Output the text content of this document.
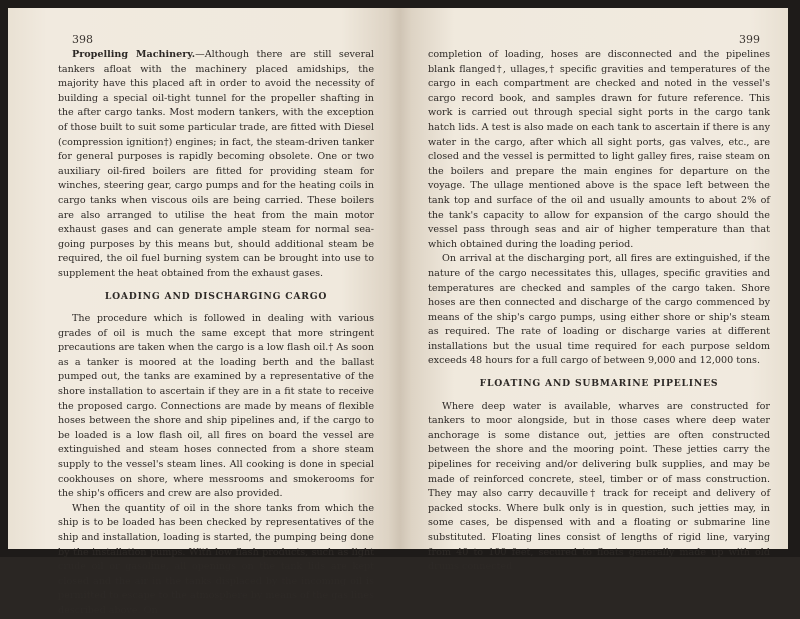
398

Propelling Machinery.—Although there are still several tankers afloat with the machinery placed amidships, the majority have this placed aft in order to avoid the necessity of building a special oil-tight tunnel for the propeller shafting in the after cargo tanks. Most modern tankers, with the exception of those built to suit some particular trade, are fitted with Diesel (compression ignition†) engines; in fact, the steam-driven tanker for general purposes is rapidly becoming obsolete. One or two auxiliary oil-fired boilers are fitted for providing steam for winches, steering gear, cargo pumps and for the heating coils in cargo tanks when viscous oils are being carried. These boilers are also arranged to utilise the heat from the main motor exhaust gases and can generate ample steam for normal sea-going purposes by this means but, should additional steam be required, the oil fuel burning system can be brought into use to supplement the heat obtained from the exhaust gases.

LOADING AND DISCHARGING CARGO

The procedure which is followed in dealing with various grades of oil is much the same except that more stringent precautions are taken when the cargo is a low flash oil.† As soon as a tanker is moored at the loading berth and the ballast pumped out, the tanks are examined by a representative of the shore installation to ascertain if they are in a fit state to receive the proposed cargo. Connections are made by means of flexible hoses between the shore and ship pipelines and, if the cargo to be loaded is a low flash oil, all fires on board the vessel are extinguished and steam hoses connected from a shore steam supply to the vessel's steam lines. All cooking is done in special cookhouses on shore, where messrooms and smokerooms for the ship's officers and crew are also provided.

When the quantity of oil in the shore tanks from which the ship is to be loaded has been checked by representatives of the ship and installation, loading is started, the pumping being done by the installation pumps. With low flash products, such as light crude oil or gasoline, all openings on the tank lids are kept closed and the air in the tanks displaced by the incoming oil is permitted to escape to the atmosphere by means of the gas lines described above. On

399

completion of loading, hoses are disconnected and the pipelines blank flanged†, ullages,† specific gravities and temperatures of the cargo in each compartment are checked and noted in the vessel's cargo record book, and samples drawn for future reference. This work is carried out through special sight ports in the cargo tank hatch lids. A test is also made on each tank to ascertain if there is any water in the cargo, after which all sight ports, gas valves, etc., are closed and the vessel is permitted to light galley fires, raise steam on the boilers and prepare the main engines for departure on the voyage. The ullage mentioned above is the space left between the tank top and surface of the oil and usually amounts to about 2% of the tank's capacity to allow for expansion of the cargo should the vessel pass through seas and air of higher temperature than that which obtained during the loading period.

On arrival at the discharging port, all fires are extinguished, if the nature of the cargo necessitates this, ullages, specific gravities and temperatures are checked and samples of the cargo taken. Shore hoses are then connected and discharge of the cargo commenced by means of the ship's cargo pumps, using either shore or ship's steam as required. The rate of loading or discharge varies at different installations but the usual time required for each purpose seldom exceeds 48 hours for a full cargo of between 9,000 and 12,000 tons.

FLOATING AND SUBMARINE PIPELINES

Where deep water is available, wharves are constructed for tankers to moor alongside, but in those cases where deep water anchorage is some distance out, jetties are often constructed between the shore and the mooring point. These jetties carry the pipelines for receiving and/or delivering bulk supplies, and may be made of reinforced concrete, steel, timber or of mass construction. They may also carry decauville† track for receipt and delivery of packed stocks. Where bulk only is in question, such jetties may, in some cases, be dispensed with and a floating or submarine line substituted. Floating lines consist of lengths of rigid line, varying from 40 to 100 feet, secured to floats generally made up with old drums connected
